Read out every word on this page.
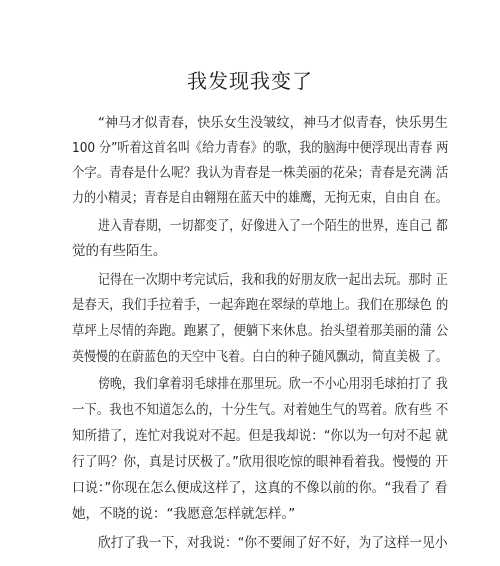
我发现我变了
“神马才似青春，快乐女生没皱纹，神马才似青春，快乐男生
100 分”听着这首名叫《给力青春》的歌，我的脑海中便浮现出青春 两
个字。青春是什么呢？我认为青春是一株美丽的花朵；青春是充满 活
力的小精灵；青春是自由翱翔在蓝天中的雄鹰，无拘无束，自由自 在。
进入青春期，一切都变了，好像进入了一个陌生的世界，连自己 都
觉的有些陌生。
记得在一次期中考完试后，我和我的好朋友欣一起出去玩。那时 正
是春天，我们手拉着手，一起奔跑在翠绿的草地上。我们在那绿色 的
草坪上尽情的奔跑。跑累了，便躺下来休息。抬头望着那美丽的蒲 公
英慢慢的在蔚蓝色的天空中飞着。白白的种子随风飘动，简直美极 了。
傍晚，我们拿着羽毛球排在那里玩。欣一不小心用羽毛球拍打了 我
一下。我也不知道怎么的，十分生气。对着她生气的骂着。欣有些 不
知所措了，连忙对我说对不起。但是我却说：“你以为一句对不起 就
行了吗？你，真是讨厌极了。”欣用很吃惊的眼神看着我。慢慢的 开
口说：”你现在怎么便成这样了，这真的不像以前的你。“我看了 看
她，不晓的说：“我愿意怎样就怎样。”
欣打了我一下，对我说：“你不要闹了好不好，为了这样一见小
